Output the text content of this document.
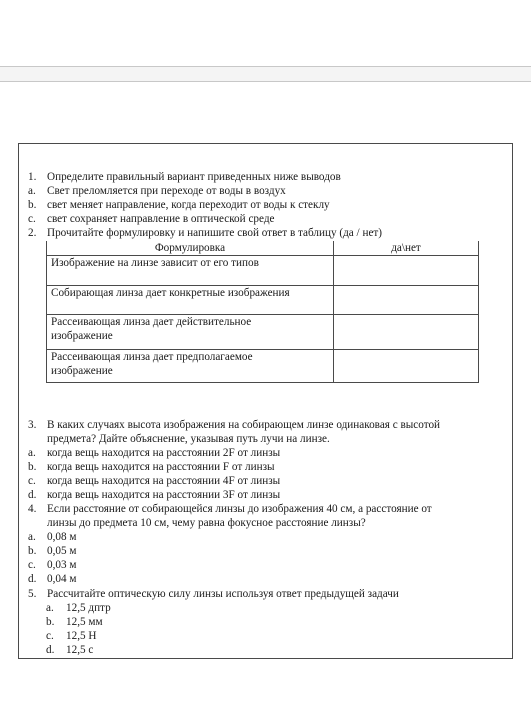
1. Определите правильный вариант приведенных ниже выводов
a. Свет преломляется при переходе от воды в воздух
b. свет меняет направление, когда переходит от воды к стеклу
c. свет сохраняет направление в оптической среде
2. Прочитайте формулировку и напишите свой ответ в таблицу (да / нет)
Формулировка	да\нет
Изображение на линзе зависит от его типов	
Собирающая линза дает конкретные изображения	

Рассеивающая линза дает действительное
изображение	

Рассеивающая линза дает предполагаемое
изображение	

3. В каких случаях высота изображения на собирающем линзе одинаковая с высотой
предмета? Дайте объяснение, указывая путь лучи на линзе.
a. когда вещь находится на расстоянии 2F от линзы
b. когда вещь находится на расстоянии F от линзы
c. когда вещь находится на расстоянии 4F от линзы
d. когда вещь находится на расстоянии 3F от линзы
4. Если расстояние от собирающейся линзы до изображения 40 см, а расстояние от
линзы до предмета 10 см, чему равна фокусное расстояние линзы?
a. 0,08 м
b. 0,05 м
c. 0,03 м
d. 0,04 м
5. Рассчитайте оптическую силу линзы используя ответ предыдущей задачи
a. 12,5 дптр
b. 12,5 мм
c. 12,5 Н
d. 12,5 с
